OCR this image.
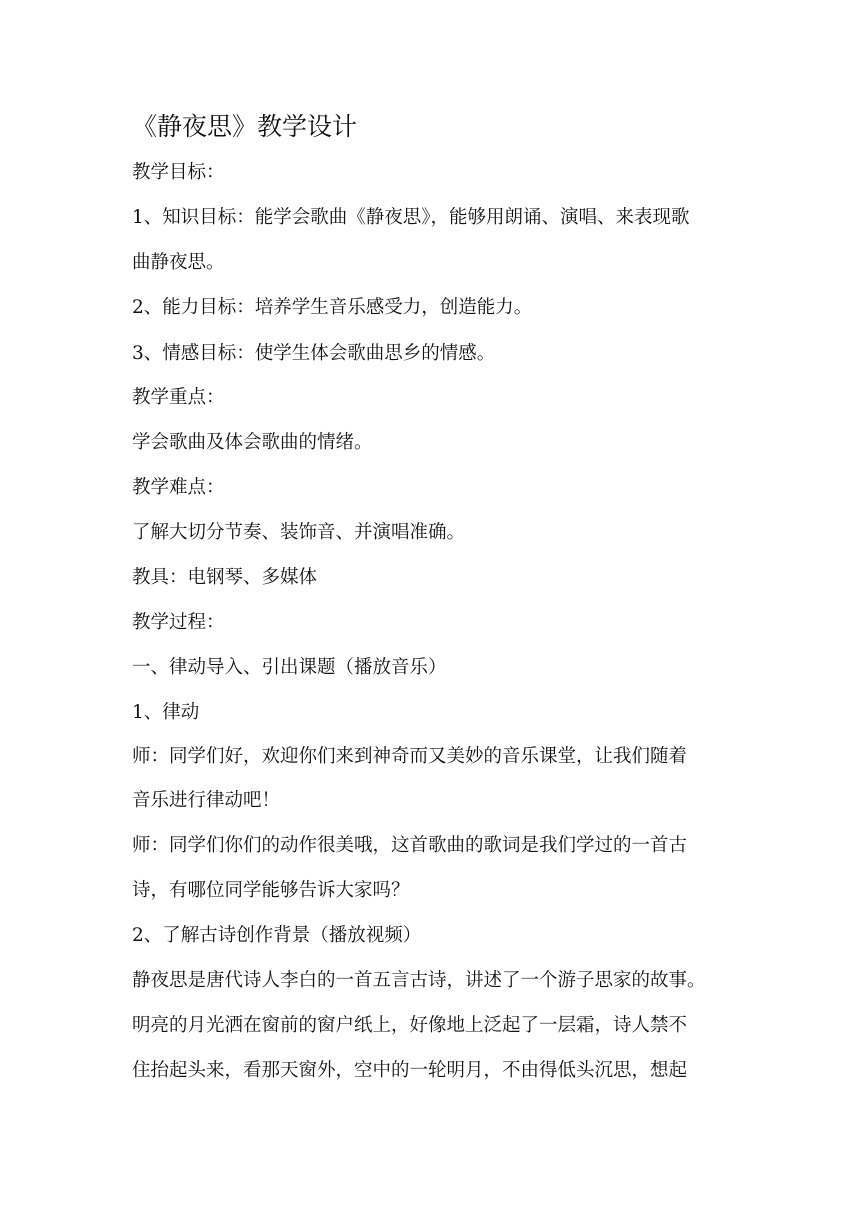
《静夜思》教学设计
教学目标：
1、知识目标：能学会歌曲《静夜思》，能够用朗诵、演唱、来表现歌
曲静夜思。
2、能力目标：培养学生音乐感受力，创造能力。
3、情感目标：使学生体会歌曲思乡的情感。
教学重点：
学会歌曲及体会歌曲的情绪。
教学难点：
了解大切分节奏、装饰音、并演唱准确。
教具：电钢琴、多媒体
教学过程：
一、律动导入、引出课题（播放音乐）
1、律动
师：同学们好，欢迎你们来到神奇而又美妙的音乐课堂，让我们随着
音乐进行律动吧！
师：同学们你们的动作很美哦，这首歌曲的歌词是我们学过的一首古
诗，有哪位同学能够告诉大家吗？
2、了解古诗创作背景（播放视频）
静夜思是唐代诗人李白的一首五言古诗，讲述了一个游子思家的故事。
明亮的月光洒在窗前的窗户纸上，好像地上泛起了一层霜，诗人禁不
住抬起头来，看那天窗外，空中的一轮明月，不由得低头沉思，想起
